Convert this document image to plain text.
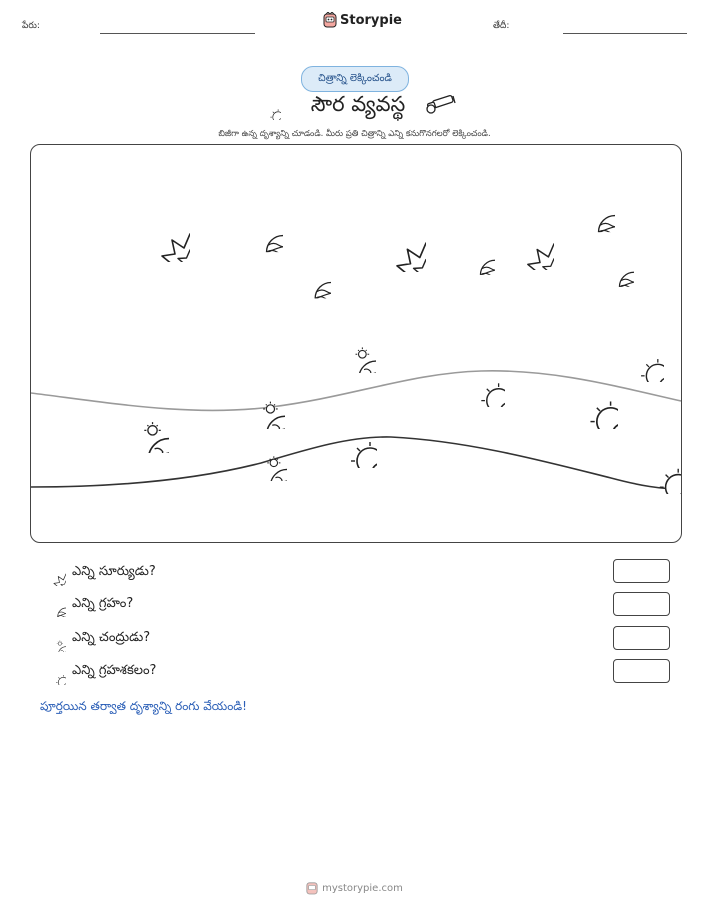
పేరు:	Storypie	తేదీ:
చిత్రాన్ని లెక్కించండి
సౌర వ్యవస్థ
బిజీగా ఉన్న దృశ్యాన్ని చూడండి. మీరు ప్రతి చిత్రాన్ని ఎన్ని కనుగొనగలరో లెక్కించండి.
ఎన్ని సూర్యుడు?
ఎన్ని గ్రహం?
ఎన్ని చంద్రుడు?
ఎన్ని గ్రహశకలం?
పూర్తయిన తర్వాత దృశ్యాన్ని రంగు వేయండి!
mystorypie.com
